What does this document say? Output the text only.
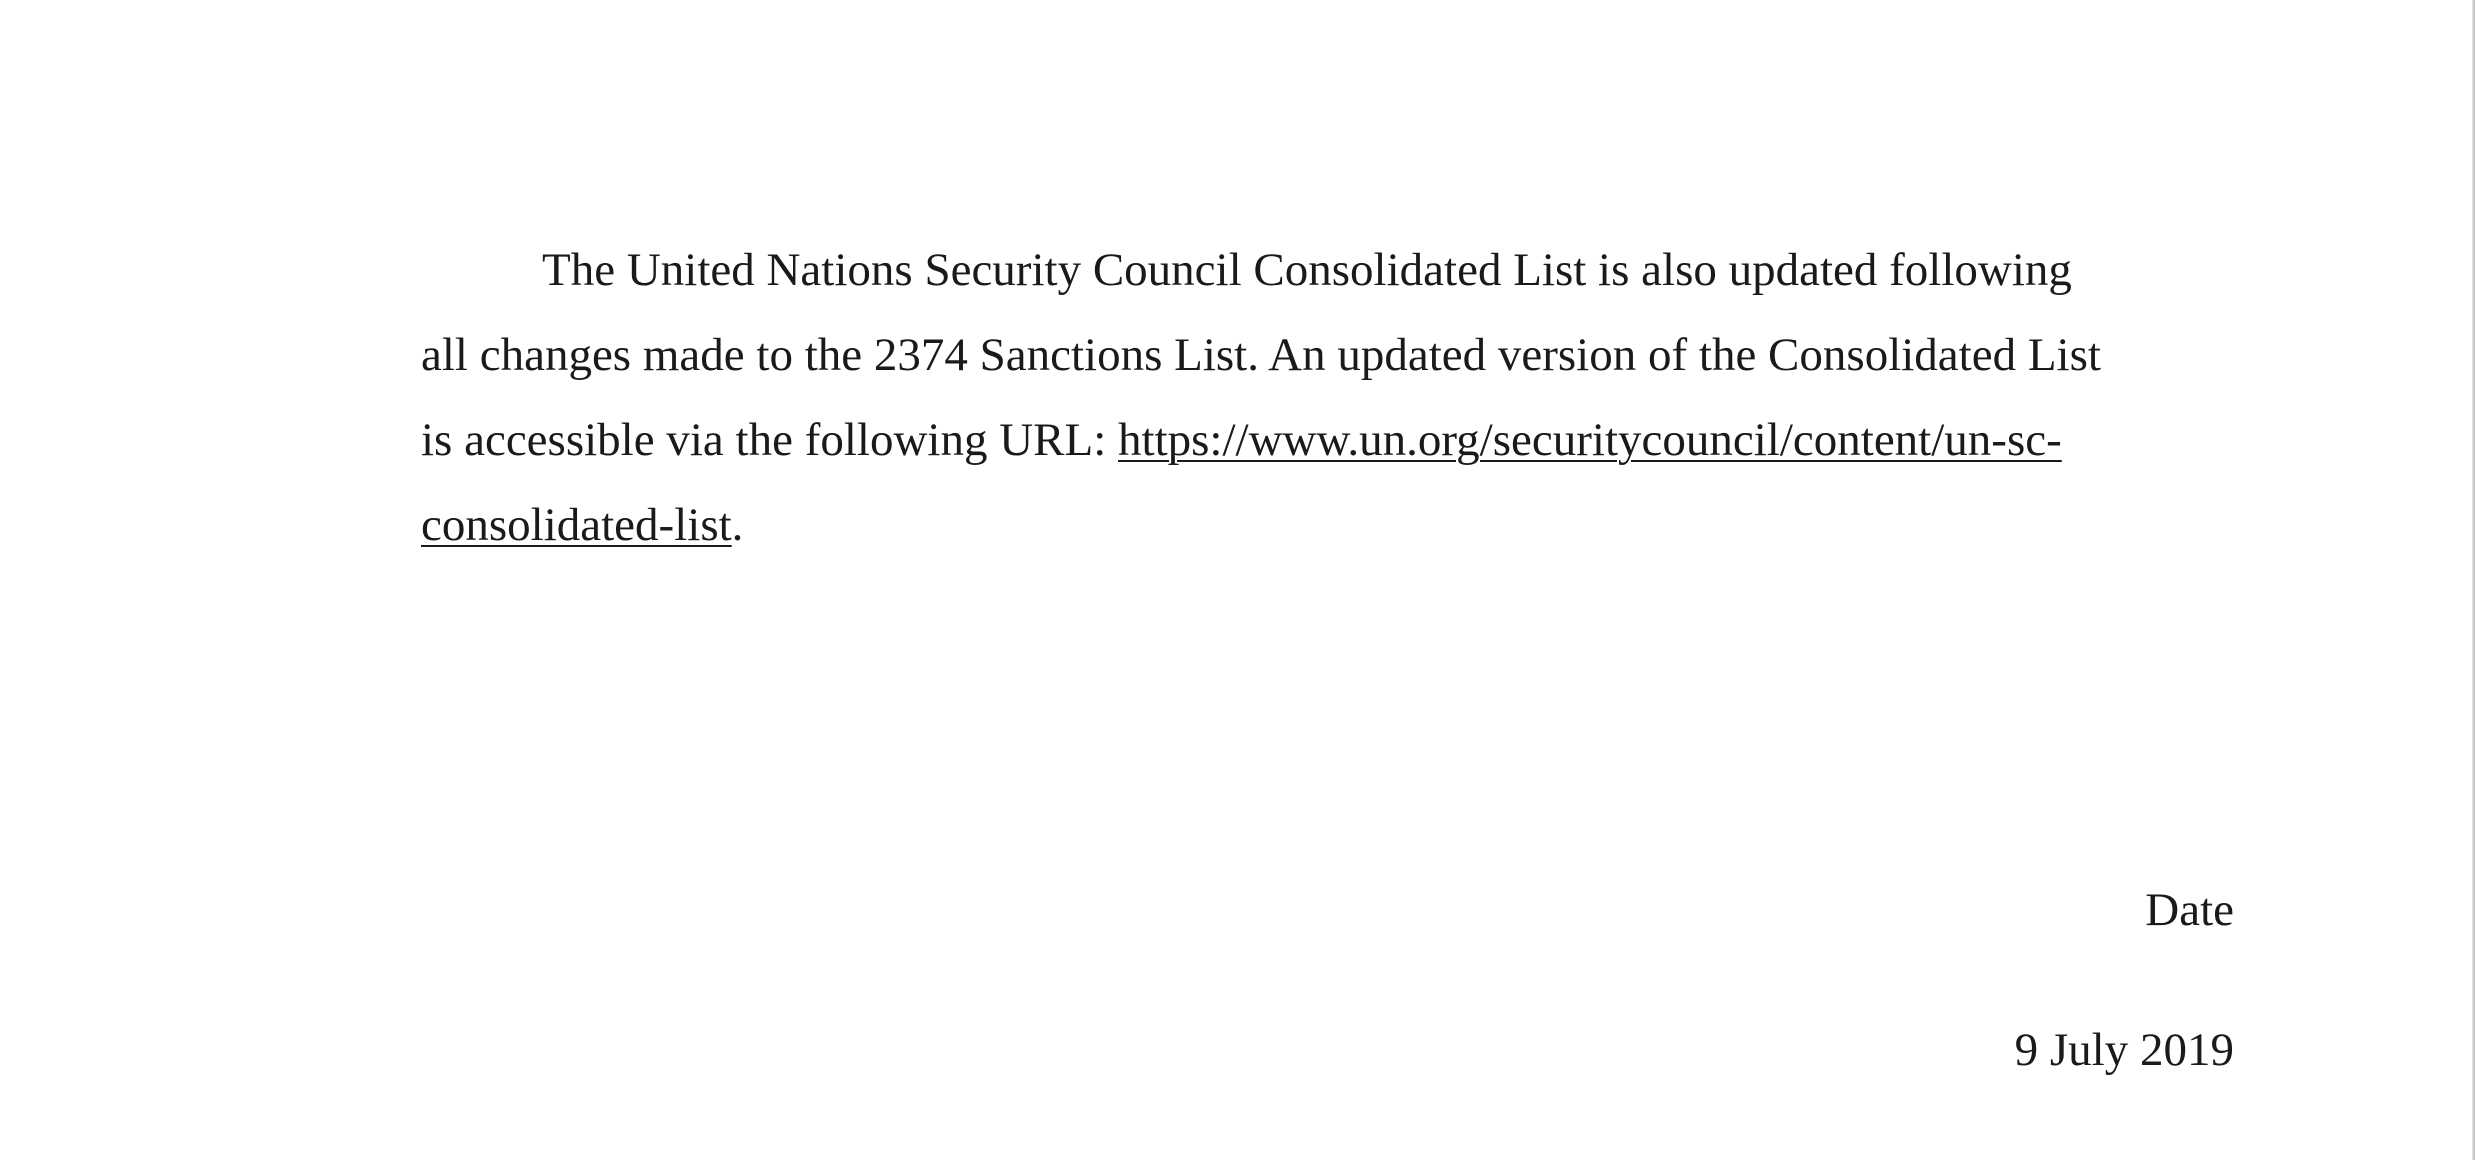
The United Nations Security Council Consolidated List is also updated following
all changes made to the 2374 Sanctions List. An updated version of the Consolidated List
is accessible via the following URL: https://www.un.org/securitycouncil/content/un-sc-
consolidated-list.

Date

9 July 2019
